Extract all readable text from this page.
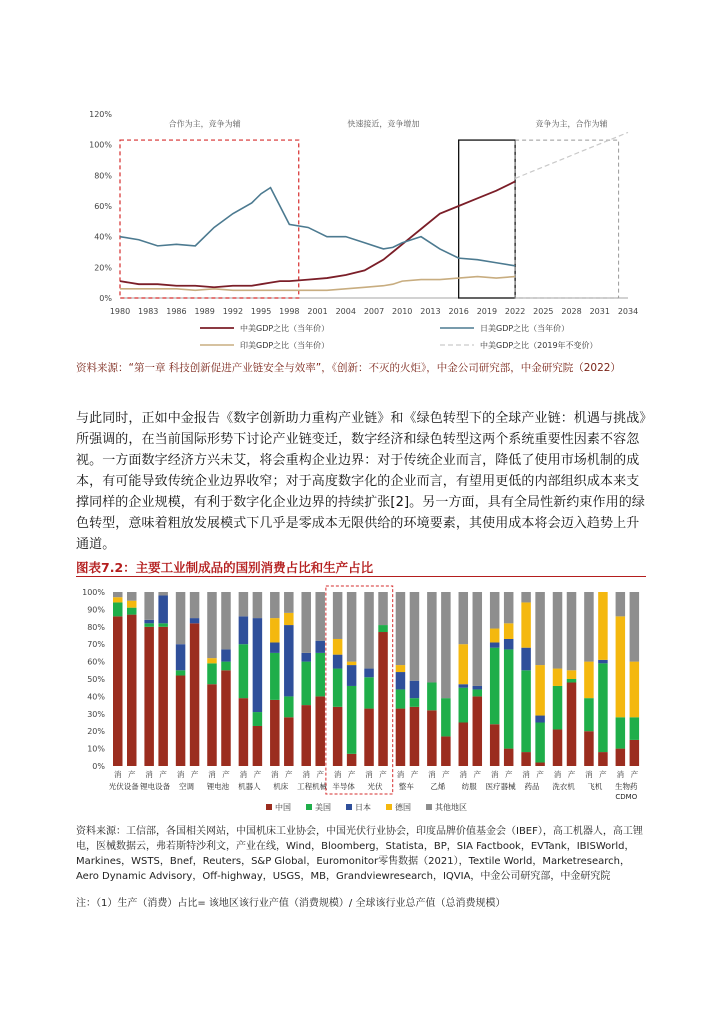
0%
20%
40%
60%
80%
100%
120%
1980 1983 1986 1989 1992 1995 1998 2001 2004 2007 2010 2013 2016 2019 2022 2025 2028 2031 2034
合作为主，竞争为辅	快速接近，竞争增加	竞争为主，合作为辅
中美GDP之比（当年价）	日美GDP之比（当年价）
印美GDP之比（当年价）	中美GDP之比（2019年不变价）
资料来源：“第一章 科技创新促进产业链安全与效率”，《创新：不灭的火炬》，中金公司研究部，中金研究院（2022）
与此同时，正如中金报告《数字创新助力重构产业链》和《绿色转型下的全球产业链：机遇与挑战》所强调的，在当前国际形势下讨论产业链变迁，数字经济和绿色转型这两个系统重要性因素不容忽视。一方面数字经济方兴未艾，将会重构企业边界：对于传统企业而言，降低了使用市场机制的成本，有可能导致传统企业边界收窄；对于高度数字化的企业而言，有望用更低的内部组织成本来支撑同样的企业规模，有利于数字化企业边界的持续扩张[2]。另一方面，具有全局性新约束作用的绿色转型，意味着粗放发展模式下几乎是零成本无限供给的环境要素，其使用成本将会迈入趋势上升通道。
图表7.2：主要工业制成品的国别消费占比和生产占比
0%
10%
20%
30%
40%
50%
60%
70%
80%
90%
100%
消 产
光伏设备
消 产
锂电设备
消 产
空调
消 产
锂电池
消 产
机器人
消 产
机床
消 产
工程机械
消 产
半导体
消 产
光伏
消 产
整车
消 产
乙烯
消 产
纺服
消 产
医疗器械
消 产
药品
消 产
洗衣机
消 产
飞机
消 产
生物药
CDMO
中国	美国	日本	德国	其他地区
资料来源：工信部，各国相关网站，中国机床工业协会，中国光伏行业协会，印度品牌价值基金会（IBEF），高工机器人，高工锂电，医械数据云，弗若斯特沙利文，产业在线，Wind，Bloomberg，Statista，BP，SIA Factbook，EVTank，IBISWorld，Markines，WSTS，Bnef，Reuters，S&P Global，Euromonitor零售数据（2021），Textile World，Marketresearch，Aero Dynamic Advisory，Off-highway，USGS，MB，Grandviewresearch，IQVIA，中金公司研究部，中金研究院
注：（1）生产（消费）占比= 该地区该行业产值（消费规模）/ 全球该行业总产值（总消费规模）
